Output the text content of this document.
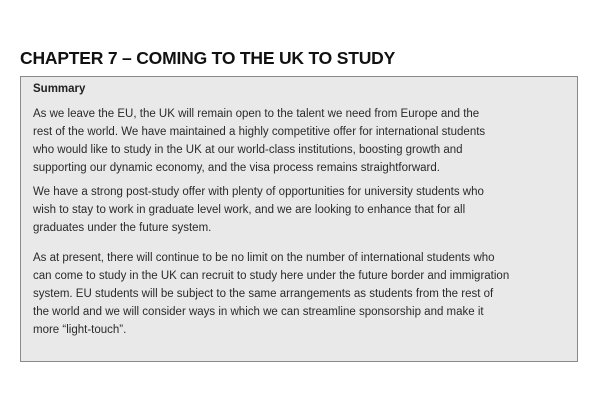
CHAPTER 7 – COMING TO THE UK TO STUDY
Summary

As we leave the EU, the UK will remain open to the talent we need from Europe and the
rest of the world. We have maintained a highly competitive offer for international students
who would like to study in the UK at our world-class institutions, boosting growth and
supporting our dynamic economy, and the visa process remains straightforward.

We have a strong post-study offer with plenty of opportunities for university students who
wish to stay to work in graduate level work, and we are looking to enhance that for all
graduates under the future system.

As at present, there will continue to be no limit on the number of international students who
can come to study in the UK can recruit to study here under the future border and immigration
system. EU students will be subject to the same arrangements as students from the rest of
the world and we will consider ways in which we can streamline sponsorship and make it
more “light-touch”.
